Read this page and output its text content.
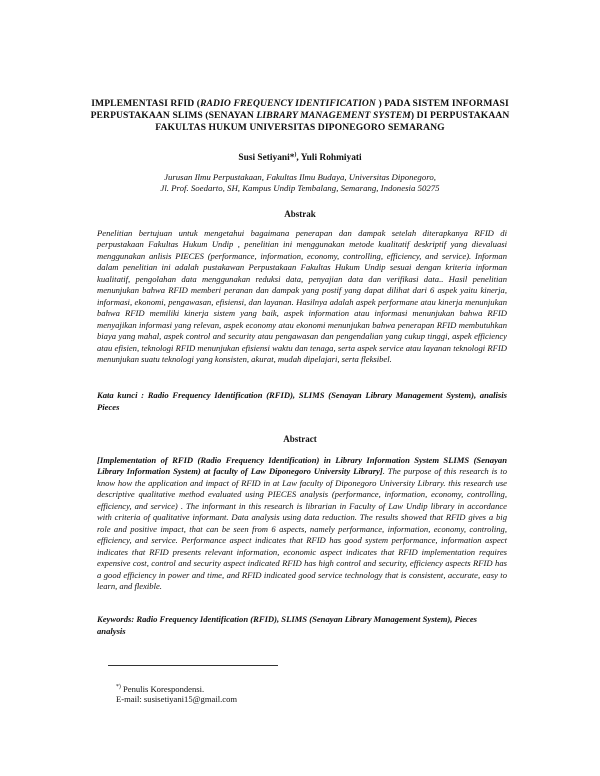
IMPLEMENTASI RFID (RADIO FREQUENCY IDENTIFICATION ) PADA SISTEM INFORMASI PERPUSTAKAAN SLIMS (SENAYAN LIBRARY MANAGEMENT SYSTEM) DI PERPUSTAKAAN FAKULTAS HUKUM UNIVERSITAS DIPONEGORO SEMARANG
Susi Setiyani*), Yuli Rohmiyati
Jurusan Ilmu Perpustakaan, Fakultas Ilmu Budaya, Universitas Diponegoro,
Jl. Prof. Soedarto, SH, Kampus Undip Tembalang, Semarang, Indonesia 50275
Abstrak
Penelitian bertujuan untuk mengetahui bagaimana penerapan dan dampak setelah diterapkanya RFID di perpustakaan Fakultas Hukum Undip , penelitian ini menggunakan metode kualitatif deskriptif yang dievaluasi menggunakan anlisis PIECES (performance, information, economy, controlling, efficiency, and service). Informan dalam penelitian ini adalah pustakawan Perpustakaan Fakultas Hukum Undip sesuai dengan kriteria informan kualitatif, pengolahan data menggunakan reduksi data, penyajian data dan verifikasi data.. Hasil penelitian menunjukan bahwa RFID memberi peranan dan dampak yang postif yang dapat dilihat dari 6 aspek yaitu kinerja, informasi, ekonomi, pengawasan, efisiensi, dan layanan. Hasilnya adalah aspek performane atau kinerja menunjukan bahwa RFID memiliki kinerja sistem yang baik, aspek information atau informasi menunjukan bahwa RFID menyajikan informasi yang relevan, aspek economy atau ekonomi menunjukan bahwa penerapan RFID membutuhkan biaya yang mahal, aspek control and security atau pengawasan dan pengendalian yang cukup tinggi, aspek efficiency atau efisien, teknologi RFID menunjukan efisiensi waktu dan tenaga, serta aspek service atau layanan teknologi RFID menunjukan suatu teknologi yang konsisten, akurat, mudah dipelajari, serta fleksibel.
Kata kunci : Radio Frequency Identification (RFID), SLIMS (Senayan Library Management System), analisis Pieces
Abstract
[Implementation of RFID (Radio Frequency Identification) in Library Information System SLIMS (Senayan Library Information System) at faculty of Law Diponegoro University Library]. The purpose of this research is to know how the application and impact of RFID in at Law faculty of Diponegoro University Library. this research use descriptive qualitative method evaluated using PIECES analysis (performance, information, economy, controlling, efficiency, and service) . The informant in this research is librarian in Faculty of Law Undip library in accordance with criteria of qualitative informant. Data analysis using data reduction. The results showed that RFID gives a big role and positive impact, that can be seen from 6 aspects, namely performance, information, economy, controling, efficiency, and service. Performance aspect indicates that RFID has good system performance, information aspect indicates that RFID presents relevant information, economic aspect indicates that RFID implementation requires expensive cost, control and security aspect indicated RFID has high control and security, efficiency aspects RFID has a good efficiency in power and time, and RFID indicated good service technology that is consistent, accurate, easy to learn, and flexible.
Keywords: Radio Frequency Identification (RFID), SLIMS (Senayan Library Management System), Pieces analysis
*) Penulis Korespondensi.
E-mail: susisetiyani15@gmail.com
